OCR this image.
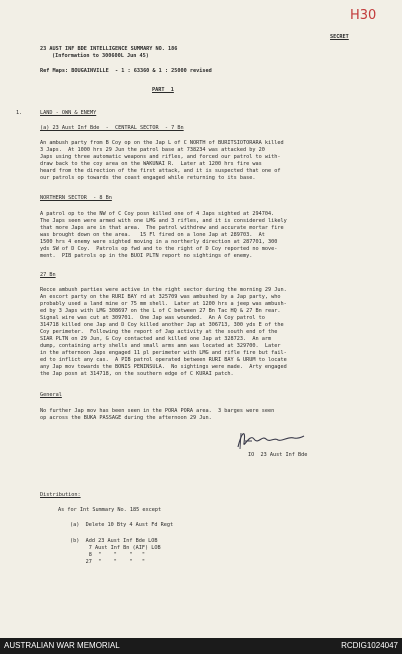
H30
SECRET
23 AUST INF BDE INTELLIGENCE SUMMARY NO. 186
(Information to 300600L Jun 45)
Ref Maps: BOUGAINVILLE  - 1 : 63360 & 1 : 25000 revised
PART  1
1.	LAND - OWN & ENEMY
(a) 23 Aust Inf Bde  -  CENTRAL SECTOR  - 7 Bn
An ambush party from B Coy op on the Jap L of C NORTH of BURITSIOTORARA killed
3 Japs.  At 1000 hrs 29 Jun the patrol base at 738234 was attacked by 20
Japs using three automatic weapons and rifles, and forced our patrol to with-
draw back to the coy area on the WAKUNAI R.  Later at 1200 hrs fire was
heard from the direction of the first attack, and it is suspected that one of
our patrols op towards the coast engaged while returning to its base.
NORTHERN SECTOR  - 8 Bn
A patrol op to the NW of C Coy posn killed one of 4 Japs sighted at 294704.
The Japs seen were armed with one LMG and 3 rifles, and it is considered likely
that more Japs are in that area.  The patrol withdrew and accurate mortar fire
was brought down on the area.   15 Fl fired on a lone Jap at 289703.  At
1500 hrs 4 enemy were sighted moving in a northerly direction at 287701, 300
yds SW of D Coy.  Patrols op fwd and to the right of D Coy reported no move-
ment.  PIB patrols op in the BUOI PLTN report no sightings of enemy.
27 Bn
Recce ambush parties were active in the right sector during the morning 29 Jun.
An escort party on the RURI BAY rd at 325709 was ambushed by a Jap party, who
probably used a land mine or 75 mm shell.  Later at 1200 hrs a jeep was ambush-
ed by 3 Japs with LMG 308697 on the L of C between 27 Bn Tac HQ & 27 Bn rear.
Signal wire was cut at 309701.  One Jap was wounded.  An A Coy patrol to
314718 killed one Jap and D Coy killed another Jap at 306713, 300 yds E of the
Coy perimeter.  Following the report of Jap activity at the south end of the
SIAR PLTN on 29 Jun, G Coy contacted and killed one Jap at 328723.  An arm
dump, containing arty shells and small arms amn was located at 329700.  Later
in the afternoon Japs engaged 11 pl perimeter with LMG and rifle fire but fail-
ed to inflict any cas.  A PIB patrol operated between RURI BAY & URUM to locate
any Jap mov towards the BONIS PENINSULA.  No sightings were made.  Arty engaged
the Jap posn at 314718, on the southern edge of C KURAI patch.
General
No further Jap mov has been seen in the PORA PORA area.  3 barges were seen
op across the BUKA PASSAGE during the afternoon 29 Jun.
IO  23 Aust Inf Bde
Distribution:
As for Int Summary No. 185 except
(a)  Delete 10 Bty 4 Aust Fd Regt
(b)  Add 23 Aust Inf Bde LOB
7 Aust Inf Bn (AIF) LOB
8  "    "    "   "
27  "    "    "   "
AUSTRALIAN WAR MEMORIAL	RCDIG1024047
